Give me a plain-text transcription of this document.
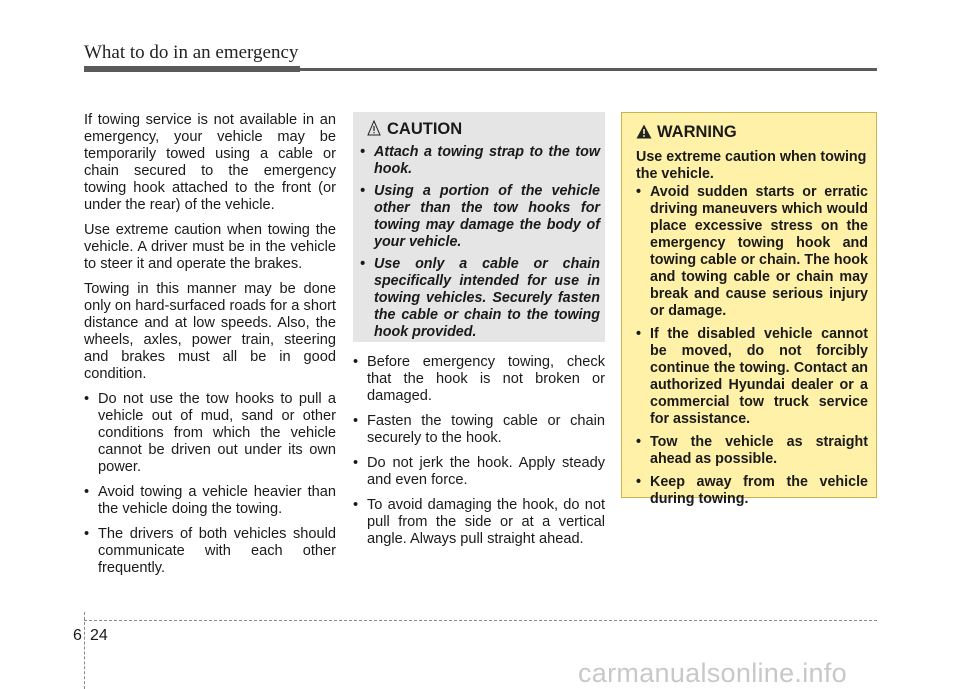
What to do in an emergency

If towing service is not available in an emergency, your vehicle may be temporarily towed using a cable or chain secured to the emergency towing hook attached to the front (or under the rear) of the vehicle.

Use extreme caution when towing the vehicle. A driver must be in the vehicle to steer it and operate the brakes.

Towing in this manner may be done only on hard-surfaced roads for a short distance and at low speeds. Also, the wheels, axles, power train, steering and brakes must all be in good condition.

• Do not use the tow hooks to pull a vehicle out of mud, sand or other conditions from which the vehicle cannot be driven out under its own power.
• Avoid towing a vehicle heavier than the vehicle doing the towing.
• The drivers of both vehicles should communicate with each other frequently.
CAUTION
• Attach a towing strap to the tow hook.
• Using a portion of the vehicle other than the tow hooks for towing may damage the body of your vehicle.
• Use only a cable or chain specifically intended for use in towing vehicles. Securely fasten the cable or chain to the towing hook provided.
• Before emergency towing, check that the hook is not broken or damaged.
• Fasten the towing cable or chain securely to the hook.
• Do not jerk the hook. Apply steady and even force.
• To avoid damaging the hook, do not pull from the side or at a vertical angle. Always pull straight ahead.
WARNING
Use extreme caution when towing the vehicle.
• Avoid sudden starts or erratic driving maneuvers which would place excessive stress on the emergency towing hook and towing cable or chain. The hook and towing cable or chain may break and cause serious injury or damage.
• If the disabled vehicle cannot be moved, do not forcibly continue the towing. Contact an authorized Hyundai dealer or a commercial tow truck service for assistance.
• Tow the vehicle as straight ahead as possible.
• Keep away from the vehicle during towing.
6 24
carmanualsonline.info
